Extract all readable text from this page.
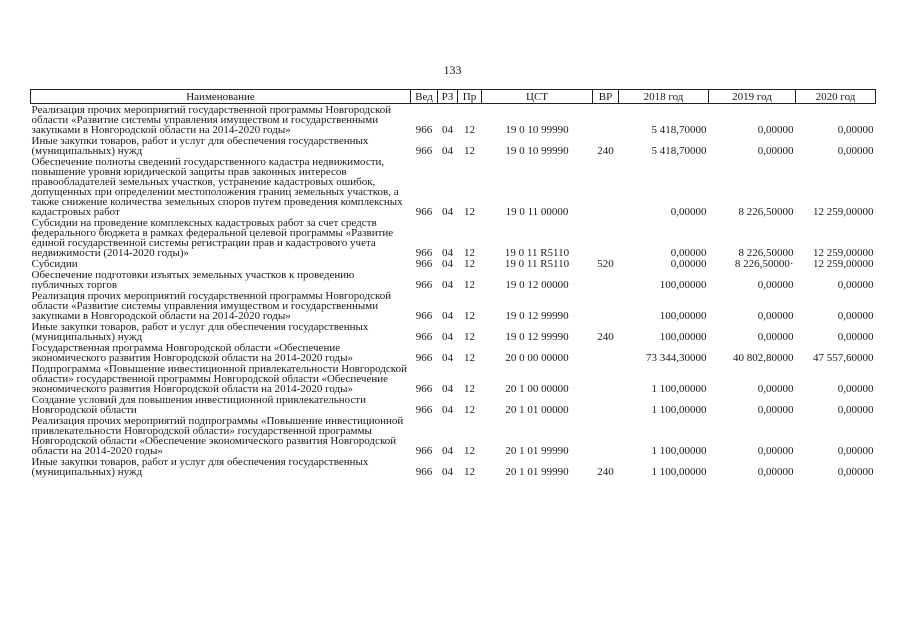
133
Наименование	Вед	РЗ	Пр	ЦСТ	ВР	2018 год	2019 год	2020 год
Реализация прочих мероприятий государственной программы Новгородской области «Развитие системы управления имуществом и государственными закупками в Новгородской области на 2014-2020 годы»	966	04	12	19 0 10 99990		5 418,70000	0,00000	0,00000
Иные закупки товаров, работ и услуг для обеспечения государственных (муниципальных) нужд	966	04	12	19 0 10 99990	240	5 418,70000	0,00000	0,00000
Обеспечение полноты сведений государственного кадастра недвижимости, повышение уровня юридической защиты прав законных интересов правообладателей земельных участков, устранение кадастровых ошибок, допущенных при определении местоположения границ земельных участков, а также снижение количества земельных споров путем проведения комплексных кадастровых работ	966	04	12	19 0 11 00000		0,00000	8 226,50000	12 259,00000
Субсидии на проведение комплексных кадастровых работ за счет средств федерального бюджета в рамках федеральной целевой программы «Развитие единой государственной системы регистрации прав и кадастрового учета недвижимости (2014-2020 годы)»	966	04	12	19 0 11 R5110		0,00000	8 226,50000	12 259,00000
Субсидии	966	04	12	19 0 11 R5110	520	0,00000	8 226,50000·	12 259,00000
Обеспечение подготовки изъятых земельных участков к проведению публичных торгов	966	04	12	19 0 12 00000		100,00000	0,00000	0,00000
Реализация прочих мероприятий государственной программы Новгородской области «Развитие системы управления имуществом и государственными закупками в Новгородской области на 2014-2020 годы»	966	04	12	19 0 12 99990		100,00000	0,00000	0,00000
Иные закупки товаров, работ и услуг для обеспечения государственных (муниципальных) нужд	966	04	12	19 0 12 99990	240	100,00000	0,00000	0,00000
Государственная программа Новгородской области «Обеспечение экономического развития Новгородской области на 2014-2020 годы»	966	04	12	20 0 00 00000		73 344,30000	40 802,80000	47 557,60000
Подпрограмма «Повышение инвестиционной привлекательности Новгородской области» государственной программы Новгородской области «Обеспечение экономического развития Новгородской области на 2014-2020 годы»	966	04	12	20 1 00 00000		1 100,00000	0,00000	0,00000
Создание условий для повышения инвестиционной привлекательности Новгородской области	966	04	12	20 1 01 00000		1 100,00000	0,00000	0,00000
Реализация прочих мероприятий подпрограммы «Повышение инвестиционной привлекательности Новгородской области» государственной программы Новгородской области «Обеспечение экономического развития Новгородской области на 2014-2020 годы»	966	04	12	20 1 01 99990		1 100,00000	0,00000	0,00000
Иные закупки товаров, работ и услуг для обеспечения государственных (муниципальных) нужд	966	04	12	20 1 01 99990	240	1 100,00000	0,00000	0,00000
